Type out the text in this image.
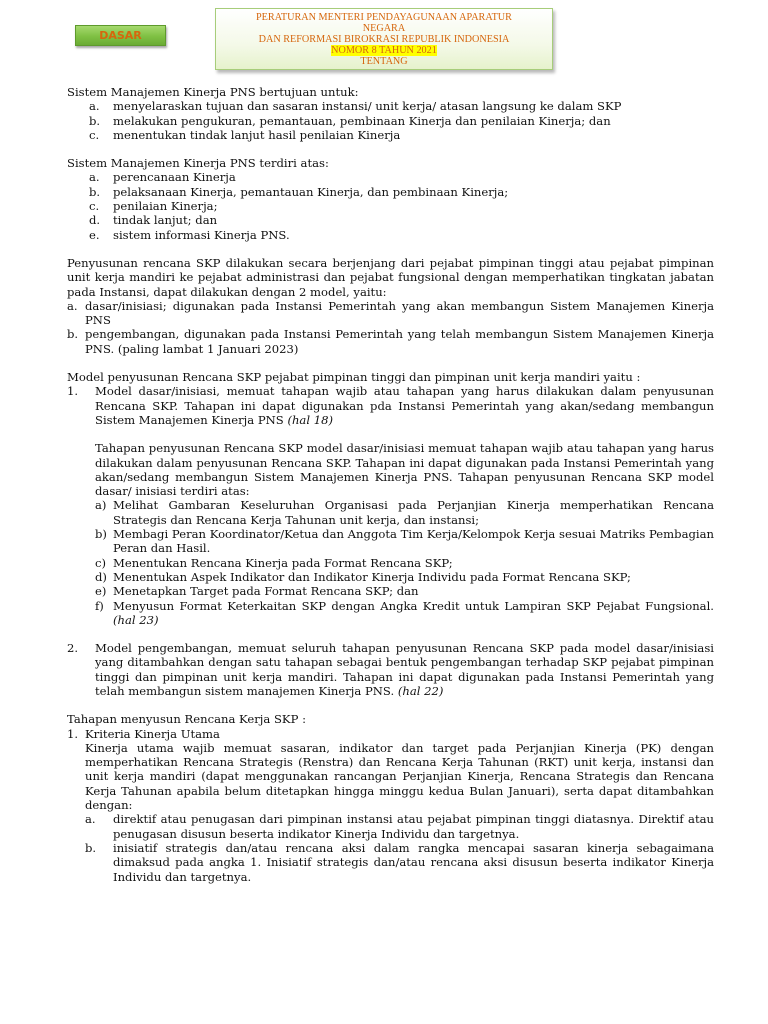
DASAR
PERATURAN MENTERI PENDAYAGUNAAN APARATUR
NEGARA
DAN REFORMASI BIROKRASI REPUBLIK INDONESIA
NOMOR 8 TAHUN 2021
TENTANG

Sistem Manajemen Kinerja PNS bertujuan untuk:

a.	menyelaraskan tujuan dan sasaran instansi/ unit kerja/ atasan langsung ke dalam SKP
b.	melakukan pengukuran, pemantauan, pembinaan Kinerja dan penilaian Kinerja; dan
c.	menentukan tindak lanjut hasil penilaian Kinerja

Sistem Manajemen Kinerja PNS terdiri atas:

a.	perencanaan Kinerja
b.	pelaksanaan Kinerja, pemantauan Kinerja, dan pembinaan Kinerja;
c.	penilaian Kinerja;
d.	tindak lanjut; dan
e.	sistem informasi Kinerja PNS.

Penyusunan rencana SKP dilakukan secara berjenjang dari pejabat pimpinan tinggi atau pejabat pimpinan unit kerja mandiri ke pejabat administrasi dan pejabat fungsional dengan memperhatikan tingkatan jabatan pada Instansi, dapat dilakukan dengan 2 model, yaitu:

a. dasar/inisiasi; digunakan pada Instansi Pemerintah yang akan membangun Sistem Manajemen Kinerja PNS
b. pengembangan, digunakan pada Instansi Pemerintah yang telah membangun Sistem Manajemen Kinerja PNS. (paling lambat 1 Januari 2023)

Model penyusunan Rencana SKP pejabat pimpinan tinggi dan pimpinan unit kerja mandiri yaitu :

1.	Model dasar/inisiasi, memuat tahapan wajib atau tahapan yang harus dilakukan dalam penyusunan Rencana SKP. Tahapan ini dapat digunakan pda Instansi Pemerintah yang akan/sedang membangun Sistem Manajemen Kinerja PNS (hal 18)

Tahapan penyusunan Rencana SKP model dasar/inisiasi memuat tahapan wajib atau tahapan yang harus dilakukan dalam penyusunan Rencana SKP. Tahapan ini dapat digunakan pada Instansi Pemerintah yang akan/sedang membangun Sistem Manajemen Kinerja PNS. Tahapan penyusunan Rencana SKP model dasar/ inisiasi terdiri atas:

a) Melihat Gambaran Keseluruhan Organisasi pada Perjanjian Kinerja memperhatikan Rencana Strategis dan Rencana Kerja Tahunan unit kerja, dan instansi;
b) Membagi Peran Koordinator/Ketua dan Anggota Tim Kerja/Kelompok Kerja sesuai Matriks Pembagian Peran dan Hasil.
c) Menentukan Rencana Kinerja pada Format Rencana SKP;
d) Menentukan Aspek Indikator dan Indikator Kinerja Individu pada Format Rencana SKP;
e) Menetapkan Target pada Format Rencana SKP; dan
f) Menyusun Format Keterkaitan SKP dengan Angka Kredit untuk Lampiran SKP Pejabat Fungsional. (hal 23)
2.	Model pengembangan, memuat seluruh tahapan penyusunan Rencana SKP pada model dasar/inisiasi yang ditambahkan dengan satu tahapan sebagai bentuk pengembangan terhadap SKP pejabat pimpinan tinggi dan pimpinan unit kerja mandiri. Tahapan ini dapat digunakan pada Instansi Pemerintah yang telah membangun sistem manajemen Kinerja PNS. (hal 22)

Tahapan menyusun Rencana Kerja SKP :

1. Kriteria Kinerja Utama

Kinerja utama wajib memuat sasaran, indikator dan target pada Perjanjian Kinerja (PK) dengan memperhatikan Rencana Strategis (Renstra) dan Rencana Kerja Tahunan (RKT) unit kerja, instansi dan unit kerja mandiri (dapat menggunakan rancangan Perjanjian Kinerja, Rencana Strategis dan Rencana Kerja Tahunan apabila belum ditetapkan hingga minggu kedua Bulan Januari), serta dapat ditambahkan dengan:

a.	direktif atau penugasan dari pimpinan instansi atau pejabat pimpinan tinggi diatasnya. Direktif atau penugasan disusun beserta indikator Kinerja Individu dan targetnya.
b.	inisiatif strategis dan/atau rencana aksi dalam rangka mencapai sasaran kinerja sebagaimana dimaksud pada angka 1. Inisiatif strategis dan/atau rencana aksi disusun beserta indikator Kinerja Individu dan targetnya.
